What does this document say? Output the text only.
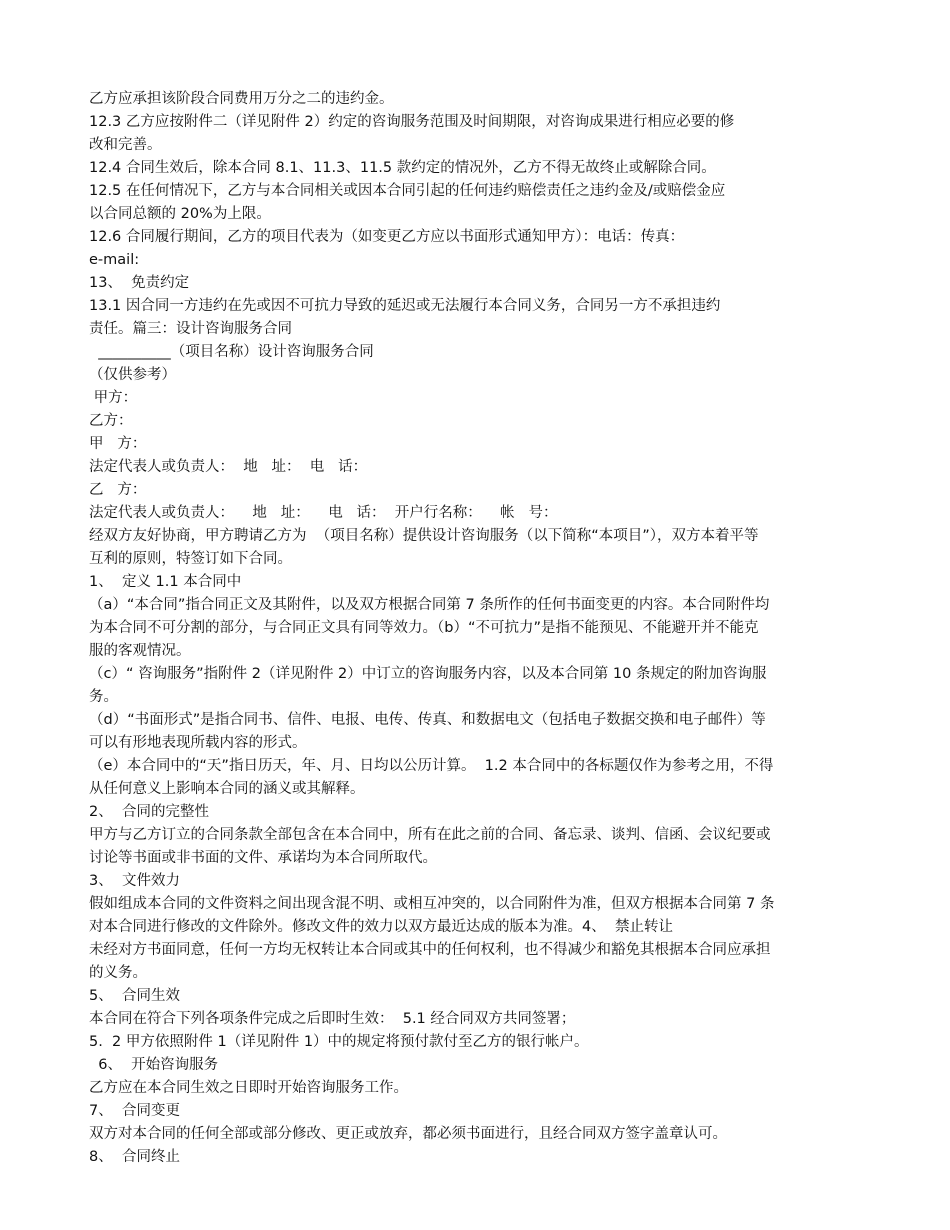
乙方应承担该阶段合同费用万分之二的违约金。
12.3 乙方应按附件二（详见附件 2）约定的咨询服务范围及时间期限，对咨询成果进行相应必要的修
改和完善。
12.4 合同生效后，除本合同 8.1、11.3、11.5 款约定的情况外，乙方不得无故终止或解除合同。
12.5 在任何情况下，乙方与本合同相关或因本合同引起的任何违约赔偿责任之违约金及/或赔偿金应
以合同总额的 20%为上限。
12.6 合同履行期间，乙方的项目代表为（如变更乙方应以书面形式通知甲方）：电话：传真：
e-mail:
13、  免责约定
13.1 因合同一方违约在先或因不可抗力导致的延迟或无法履行本合同义务，合同另一方不承担违约
责任。篇三：设计咨询服务合同
__________（项目名称）设计咨询服务合同
（仅供参考）
甲方：
乙方：
甲   方：
法定代表人或负责人：  地   址：  电   话：
乙   方：
法定代表人或负责人：    地   址：    电   话：  开户行名称：    帐   号：
经双方友好协商，甲方聘请乙方为  （项目名称）提供设计咨询服务（以下简称“本项目”），双方本着平等
互利的原则，特签订如下合同。
1、  定义 1.1 本合同中
（a）“本合同”指合同正文及其附件，以及双方根据合同第 7 条所作的任何书面变更的内容。本合同附件均
为本合同不可分割的部分，与合同正文具有同等效力。（b）“不可抗力”是指不能预见、不能避开并不能克
服的客观情况。
（c）“ 咨询服务”指附件 2（详见附件 2）中订立的咨询服务内容，以及本合同第 10 条规定的附加咨询服
务。
（d）“书面形式”是指合同书、信件、电报、电传、传真、和数据电文（包括电子数据交换和电子邮件）等
可以有形地表现所载内容的形式。
（e）本合同中的“天”指日历天，年、月、日均以公历计算。  1.2 本合同中的各标题仅作为参考之用，不得
从任何意义上影响本合同的涵义或其解释。
2、  合同的完整性
甲方与乙方订立的合同条款全部包含在本合同中，所有在此之前的合同、备忘录、谈判、信函、会议纪要或
讨论等书面或非书面的文件、承诺均为本合同所取代。
3、  文件效力
假如组成本合同的文件资料之间出现含混不明、或相互冲突的，以合同附件为准，但双方根据本合同第 7 条
对本合同进行修改的文件除外。修改文件的效力以双方最近达成的版本为准。4、  禁止转让
未经对方书面同意，任何一方均无权转让本合同或其中的任何权利，也不得减少和豁免其根据本合同应承担
的义务。
5、  合同生效
本合同在符合下列各项条件完成之后即时生效：  5.1 经合同双方共同签署；
5.  2 甲方依照附件 1（详见附件 1）中的规定将预付款付至乙方的银行帐户。
6、  开始咨询服务
乙方应在本合同生效之日即时开始咨询服务工作。
7、  合同变更
双方对本合同的任何全部或部分修改、更正或放弃，都必须书面进行，且经合同双方签字盖章认可。
8、  合同终止
